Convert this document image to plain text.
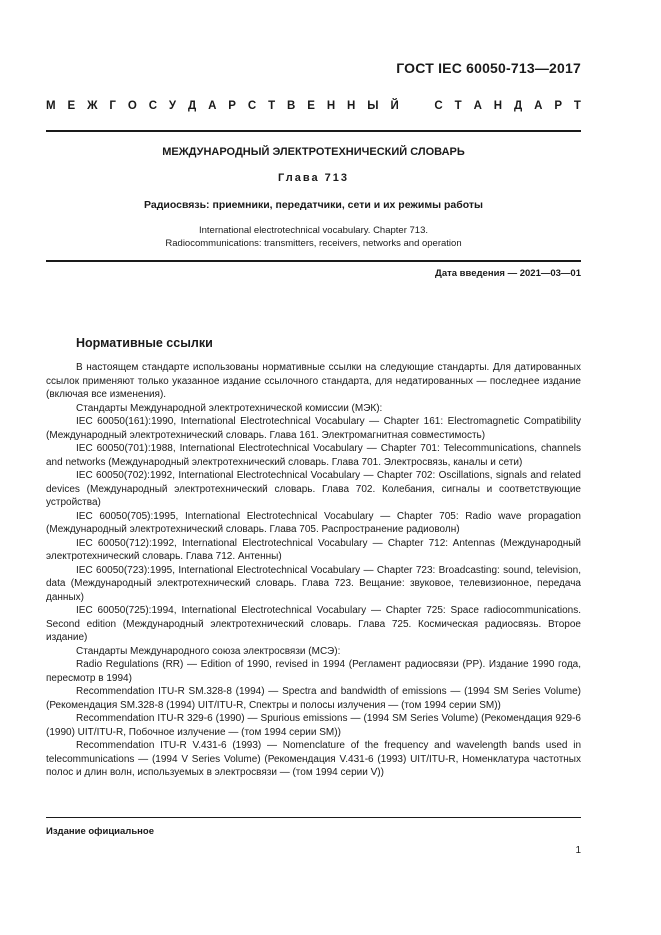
ГОСТ IEC 60050-713—2017
М Е Ж Г О С У Д А Р С Т В Е Н Н Ы Й	С Т А Н Д А Р Т
МЕЖДУНАРОДНЫЙ ЭЛЕКТРОТЕХНИЧЕСКИЙ СЛОВАРЬ
Глава 713
Радиосвязь: приемники, передатчики, сети и их режимы работы
International electrotechnical vocabulary. Chapter 713.
Radiocommunications: transmitters, receivers, networks and operation
Дата введения — 2021—03—01
Нормативные ссылки

В настоящем стандарте использованы нормативные ссылки на следующие стандарты. Для датированных ссылок применяют только указанное издание ссылочного стандарта, для недатированных — последнее издание (включая все изменения).

Стандарты Международной электротехнической комиссии (МЭК):

IEC 60050(161):1990, International Electrotechnical Vocabulary — Chapter 161: Electromagnetic Compatibility (Международный электротехнический словарь. Глава 161. Электромагнитная совместимость)

IEC 60050(701):1988, International Electrotechnical Vocabulary — Chapter 701: Telecommunications, channels and networks (Международный электротехнический словарь. Глава 701. Электросвязь, каналы и сети)

IEC 60050(702):1992, International Electrotechnical Vocabulary — Chapter 702: Oscillations, signals and related devices (Международный электротехнический словарь. Глава 702. Колебания, сигналы и соответствующие устройства)

IEC 60050(705):1995, International Electrotechnical Vocabulary — Chapter 705: Radio wave propagation (Международный электротехнический словарь. Глава 705. Распространение радиоволн)

IEC 60050(712):1992, International Electrotechnical Vocabulary — Chapter 712: Antennas (Международный электротехнический словарь. Глава 712. Антенны)

IEC 60050(723):1995, International Electrotechnical Vocabulary — Chapter 723: Broadcasting: sound, television, data (Международный электротехнический словарь. Глава 723. Вещание: звуковое, телевизионное, передача данных)

IEC 60050(725):1994, International Electrotechnical Vocabulary — Chapter 725: Space radiocommunications. Second edition (Международный электротехнический словарь. Глава 725. Космическая радиосвязь. Второе издание)

Стандарты Международного союза электросвязи (МСЭ):

Radio Regulations (RR) — Edition of 1990, revised in 1994 (Регламент радиосвязи (РР). Издание 1990 года, пересмотр в 1994)

Recommendation ITU-R SM.328-8 (1994) — Spectra and bandwidth of emissions — (1994 SM Series Volume) (Рекомендация SM.328-8 (1994) UIT/ITU-R, Спектры и полосы излучения — (том 1994 серии SM))

Recommendation ITU-R 329-6 (1990) — Spurious emissions — (1994 SM Series Volume) (Рекомендация 929-6 (1990) UIT/ITU-R, Побочное излучение — (том 1994 серии SM))

Recommendation ITU-R V.431-6 (1993) — Nomenclature of the frequency and wavelength bands used in telecommunications — (1994 V Series Volume) (Рекомендация V.431-6 (1993) UIT/ITU-R, Номенклатура частотных полос и длин волн, используемых в электросвязи — (том 1994 серии V))

Издание официальное
1
